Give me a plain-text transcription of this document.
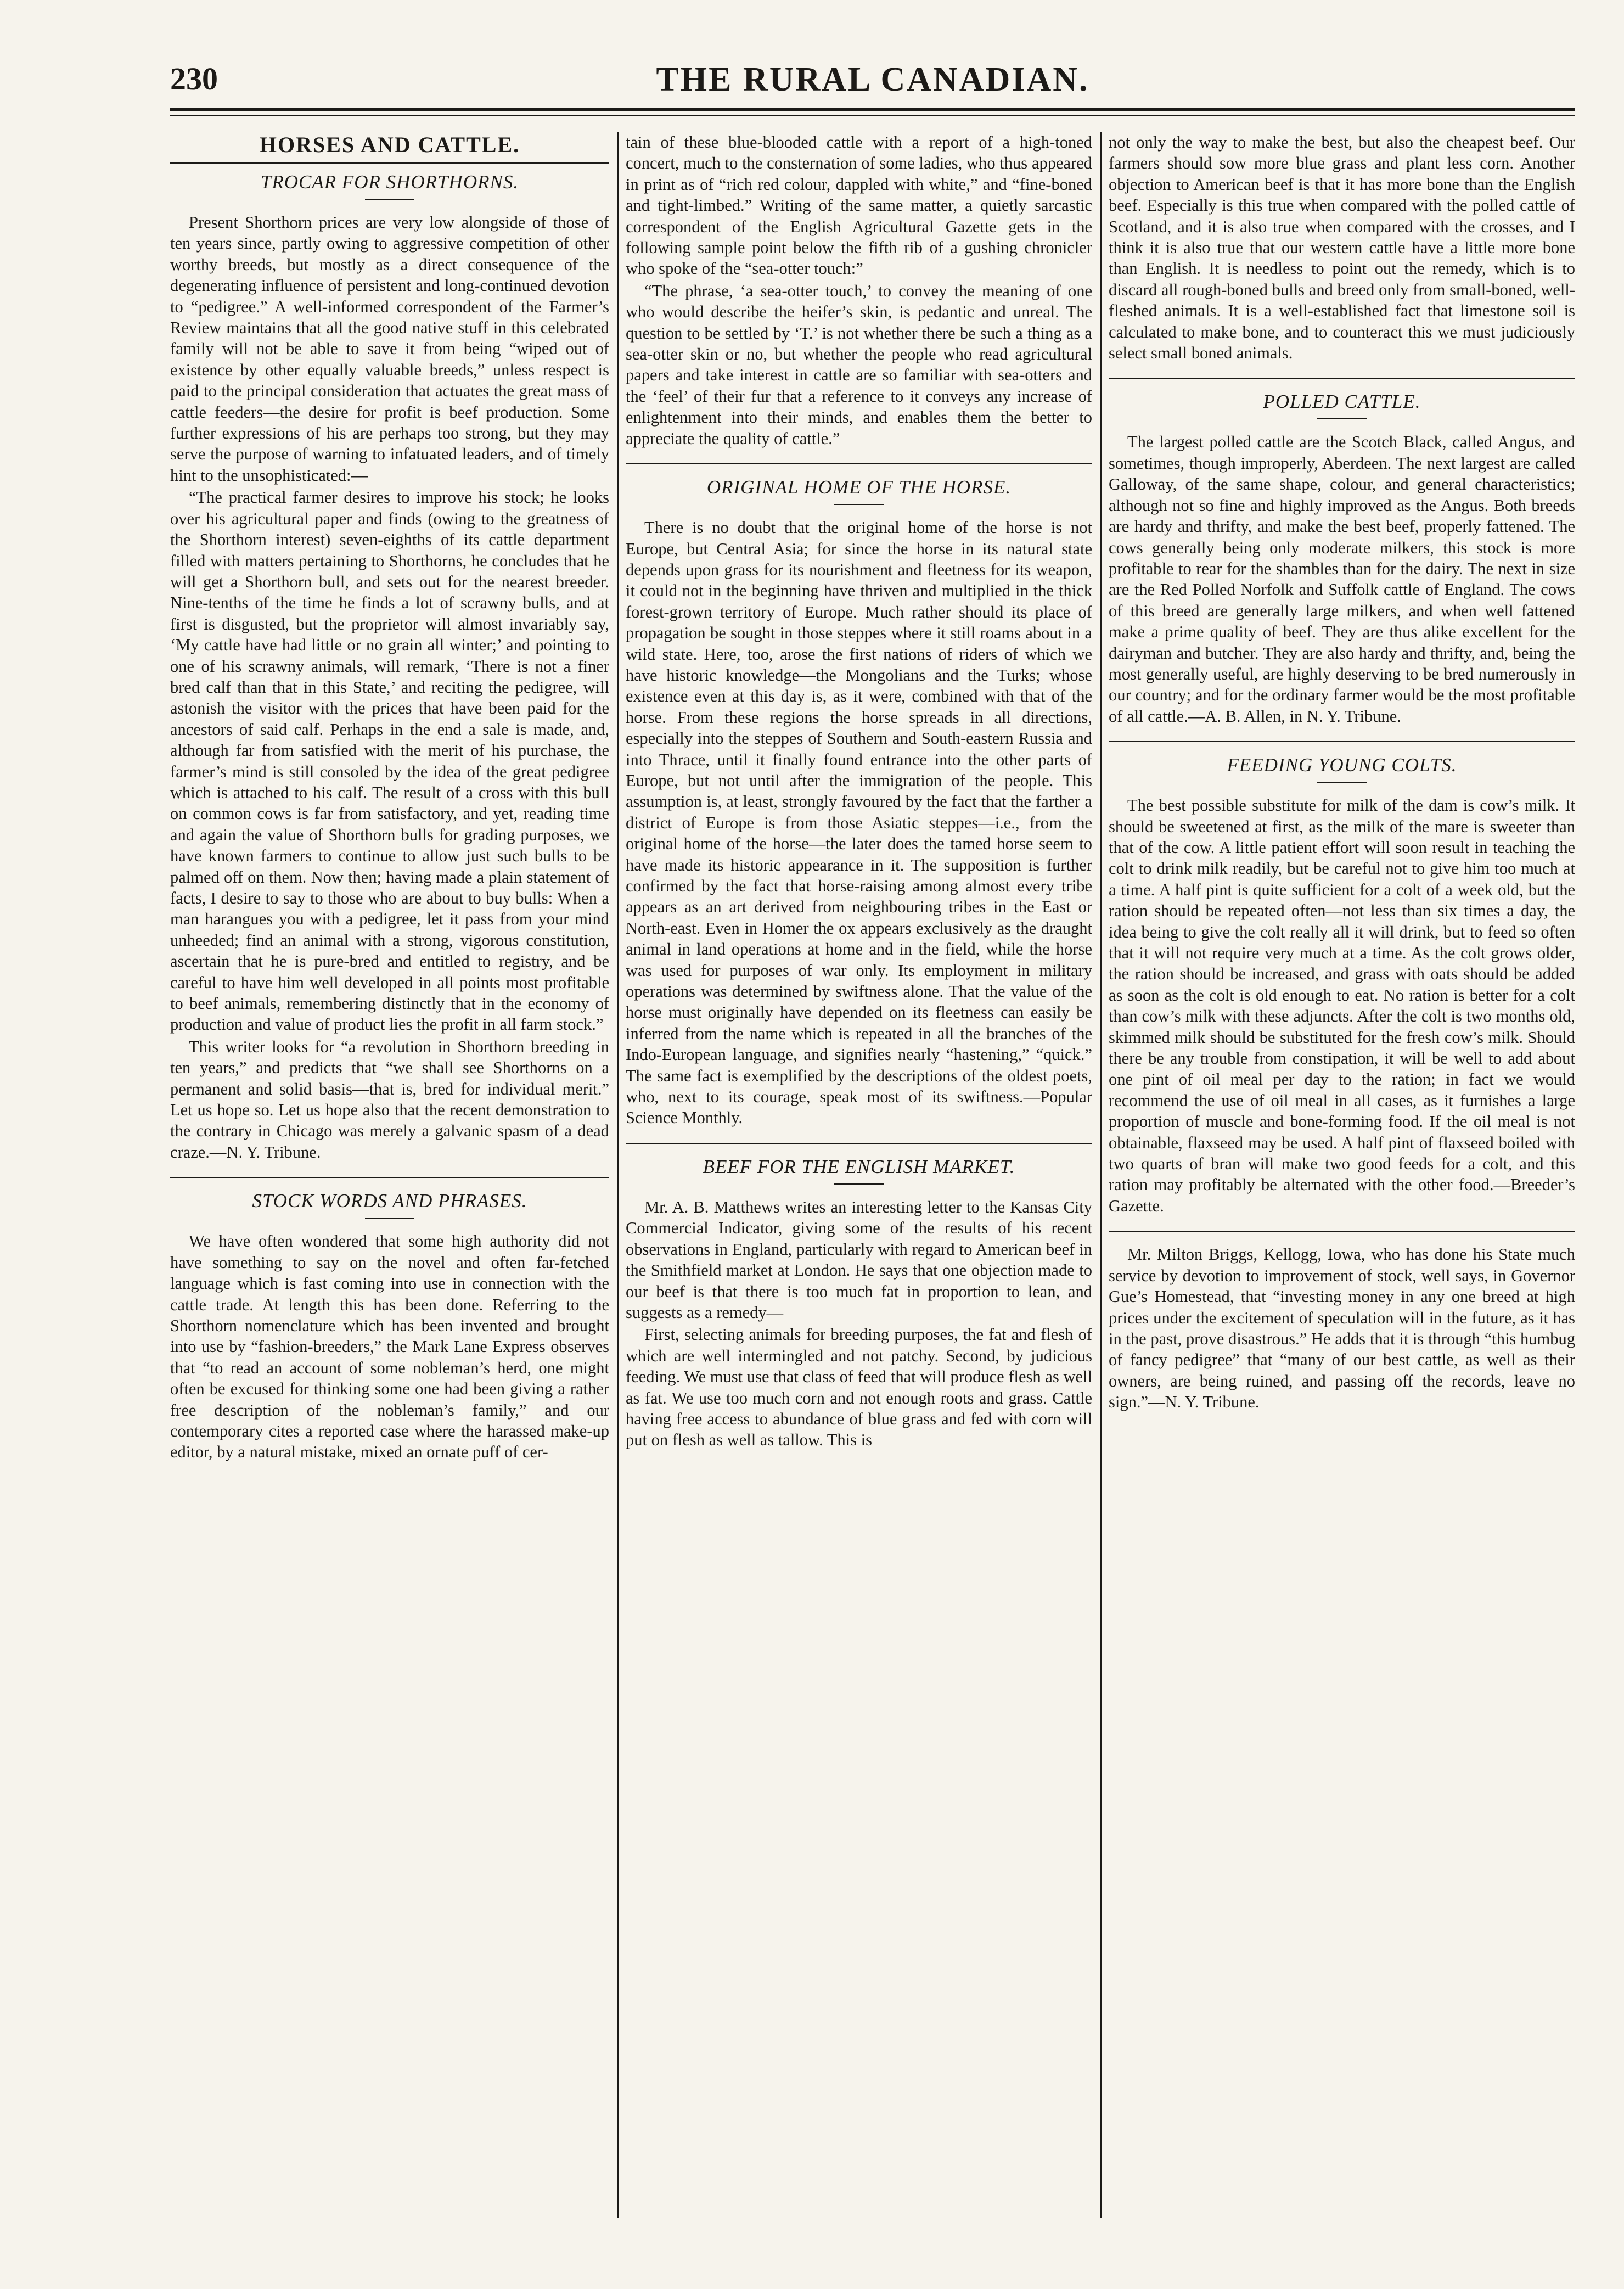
230	THE RURAL CANADIAN.
HORSES AND CATTLE.
TROCAR FOR SHORTHORNS.

Present Shorthorn prices are very low alongside of those of ten years since, partly owing to aggressive competition of other worthy breeds, but mostly as a direct consequence of the degenerating influence of persistent and long-continued devotion to “pedigree.” A well-informed correspondent of the Farmer’s Review maintains that all the good native stuff in this celebrated family will not be able to save it from being “wiped out of existence by other equally valuable breeds,” unless respect is paid to the principal consideration that actuates the great mass of cattle feeders—the desire for profit is beef production. Some further expressions of his are perhaps too strong, but they may serve the purpose of warning to infatuated leaders, and of timely hint to the unsophisticated:—

“The practical farmer desires to improve his stock; he looks over his agricultural paper and finds (owing to the greatness of the Shorthorn interest) seven-eighths of its cattle department filled with matters pertaining to Shorthorns, he concludes that he will get a Shorthorn bull, and sets out for the nearest breeder. Nine-tenths of the time he finds a lot of scrawny bulls, and at first is disgusted, but the proprietor will almost invariably say, ‘My cattle have had little or no grain all winter;’ and pointing to one of his scrawny animals, will remark, ‘There is not a finer bred calf than that in this State,’ and reciting the pedigree, will astonish the visitor with the prices that have been paid for the ancestors of said calf. Perhaps in the end a sale is made, and, although far from satisfied with the merit of his purchase, the farmer’s mind is still consoled by the idea of the great pedigree which is attached to his calf. The result of a cross with this bull on common cows is far from satisfactory, and yet, reading time and again the value of Shorthorn bulls for grading purposes, we have known farmers to continue to allow just such bulls to be palmed off on them. Now then; having made a plain statement of facts, I desire to say to those who are about to buy bulls: When a man harangues you with a pedigree, let it pass from your mind unheeded; find an animal with a strong, vigorous constitution, ascertain that he is pure-bred and entitled to registry, and be careful to have him well developed in all points most profitable to beef animals, remembering distinctly that in the economy of production and value of product lies the profit in all farm stock.”

This writer looks for “a revolution in Shorthorn breeding in ten years,” and predicts that “we shall see Shorthorns on a permanent and solid basis—that is, bred for individual merit.” Let us hope so. Let us hope also that the recent demonstration to the contrary in Chicago was merely a galvanic spasm of a dead craze.—N. Y. Tribune.

STOCK WORDS AND PHRASES.

We have often wondered that some high authority did not have something to say on the novel and often far-fetched language which is fast coming into use in connection with the cattle trade. At length this has been done. Referring to the Shorthorn nomenclature which has been invented and brought into use by “fashion-breeders,” the Mark Lane Express observes that “to read an account of some nobleman’s herd, one might often be excused for thinking some one had been giving a rather free description of the nobleman’s family,” and our contemporary cites a reported case where the harassed make-up editor, by a natural mistake, mixed an ornate puff of cer-

tain of these blue-blooded cattle with a report of a high-toned concert, much to the consternation of some ladies, who thus appeared in print as of “rich red colour, dappled with white,” and “fine-boned and tight-limbed.” Writing of the same matter, a quietly sarcastic correspondent of the English Agricultural Gazette gets in the following sample point below the fifth rib of a gushing chronicler who spoke of the “sea-otter touch:”

“The phrase, ‘a sea-otter touch,’ to convey the meaning of one who would describe the heifer’s skin, is pedantic and unreal. The question to be settled by ‘T.’ is not whether there be such a thing as a sea-otter skin or no, but whether the people who read agricultural papers and take interest in cattle are so familiar with sea-otters and the ‘feel’ of their fur that a reference to it conveys any increase of enlightenment into their minds, and enables them the better to appreciate the quality of cattle.”

ORIGINAL HOME OF THE HORSE.

There is no doubt that the original home of the horse is not Europe, but Central Asia; for since the horse in its natural state depends upon grass for its nourishment and fleetness for its weapon, it could not in the beginning have thriven and multiplied in the thick forest-grown territory of Europe. Much rather should its place of propagation be sought in those steppes where it still roams about in a wild state. Here, too, arose the first nations of riders of which we have historic knowledge—the Mongolians and the Turks; whose existence even at this day is, as it were, combined with that of the horse. From these regions the horse spreads in all directions, especially into the steppes of Southern and South-eastern Russia and into Thrace, until it finally found entrance into the other parts of Europe, but not until after the immigration of the people. This assumption is, at least, strongly favoured by the fact that the farther a district of Europe is from those Asiatic steppes—i.e., from the original home of the horse—the later does the tamed horse seem to have made its historic appearance in it. The supposition is further confirmed by the fact that horse-raising among almost every tribe appears as an art derived from neighbouring tribes in the East or North-east. Even in Homer the ox appears exclusively as the draught animal in land operations at home and in the field, while the horse was used for purposes of war only. Its employment in military operations was determined by swiftness alone. That the value of the horse must originally have depended on its fleetness can easily be inferred from the name which is repeated in all the branches of the Indo-European language, and signifies nearly “hastening,” “quick.” The same fact is exemplified by the descriptions of the oldest poets, who, next to its courage, speak most of its swiftness.—Popular Science Monthly.

BEEF FOR THE ENGLISH MARKET.

Mr. A. B. Matthews writes an interesting letter to the Kansas City Commercial Indicator, giving some of the results of his recent observations in England, particularly with regard to American beef in the Smithfield market at London. He says that one objection made to our beef is that there is too much fat in proportion to lean, and suggests as a remedy—

First, selecting animals for breeding purposes, the fat and flesh of which are well intermingled and not patchy. Second, by judicious feeding. We must use that class of feed that will produce flesh as well as fat. We use too much corn and not enough roots and grass. Cattle having free access to abundance of blue grass and fed with corn will put on flesh as well as tallow. This is

not only the way to make the best, but also the cheapest beef. Our farmers should sow more blue grass and plant less corn. Another objection to American beef is that it has more bone than the English beef. Especially is this true when compared with the polled cattle of Scotland, and it is also true when compared with the crosses, and I think it is also true that our western cattle have a little more bone than English. It is needless to point out the remedy, which is to discard all rough-boned bulls and breed only from small-boned, well-fleshed animals. It is a well-established fact that limestone soil is calculated to make bone, and to counteract this we must judiciously select small boned animals.

POLLED CATTLE.

The largest polled cattle are the Scotch Black, called Angus, and sometimes, though improperly, Aberdeen. The next largest are called Galloway, of the same shape, colour, and general characteristics; although not so fine and highly improved as the Angus. Both breeds are hardy and thrifty, and make the best beef, properly fattened. The cows generally being only moderate milkers, this stock is more profitable to rear for the shambles than for the dairy. The next in size are the Red Polled Norfolk and Suffolk cattle of England. The cows of this breed are generally large milkers, and when well fattened make a prime quality of beef. They are thus alike excellent for the dairyman and butcher. They are also hardy and thrifty, and, being the most generally useful, are highly deserving to be bred numerously in our country; and for the ordinary farmer would be the most profitable of all cattle.—A. B. Allen, in N. Y. Tribune.

FEEDING YOUNG COLTS.

The best possible substitute for milk of the dam is cow’s milk. It should be sweetened at first, as the milk of the mare is sweeter than that of the cow. A little patient effort will soon result in teaching the colt to drink milk readily, but be careful not to give him too much at a time. A half pint is quite sufficient for a colt of a week old, but the ration should be repeated often—not less than six times a day, the idea being to give the colt really all it will drink, but to feed so often that it will not require very much at a time. As the colt grows older, the ration should be increased, and grass with oats should be added as soon as the colt is old enough to eat. No ration is better for a colt than cow’s milk with these adjuncts. After the colt is two months old, skimmed milk should be substituted for the fresh cow’s milk. Should there be any trouble from constipation, it will be well to add about one pint of oil meal per day to the ration; in fact we would recommend the use of oil meal in all cases, as it furnishes a large proportion of muscle and bone-forming food. If the oil meal is not obtainable, flaxseed may be used. A half pint of flaxseed boiled with two quarts of bran will make two good feeds for a colt, and this ration may profitably be alternated with the other food.—Breeder’s Gazette.

Mr. Milton Briggs, Kellogg, Iowa, who has done his State much service by devotion to improvement of stock, well says, in Governor Gue’s Homestead, that “investing money in any one breed at high prices under the excitement of speculation will in the future, as it has in the past, prove disastrous.” He adds that it is through “this humbug of fancy pedigree” that “many of our best cattle, as well as their owners, are being ruined, and passing off the records, leave no sign.”—N. Y. Tribune.
